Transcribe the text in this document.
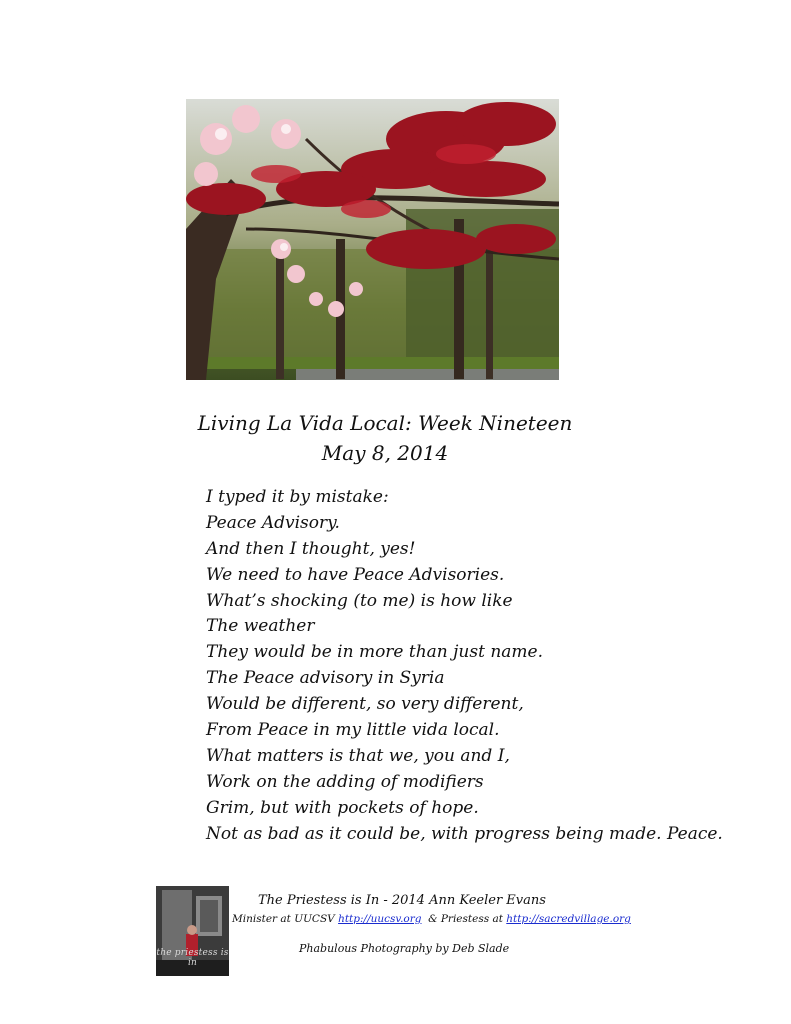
Living La Vida Local: Week Nineteen
May 8, 2014
I typed it by mistake:
Peace Advisory.
And then I thought, yes!
We need to have Peace Advisories.
What’s shocking (to me) is how like
The weather
They would be in more than just name.
The Peace advisory in Syria
Would be different, so very different,
From Peace in my little vida local.
What matters is that we, you and I,
Work on the adding of modifiers
Grim, but with pockets of hope.
Not as bad as it could be, with progress being made. Peace.
the priestess is in
The Priestess is In - 2014 Ann Keeler Evans
Minister at UUCSV http://uucsv.org  & Priestess at http://sacredvillage.org
Phabulous Photography by Deb Slade
